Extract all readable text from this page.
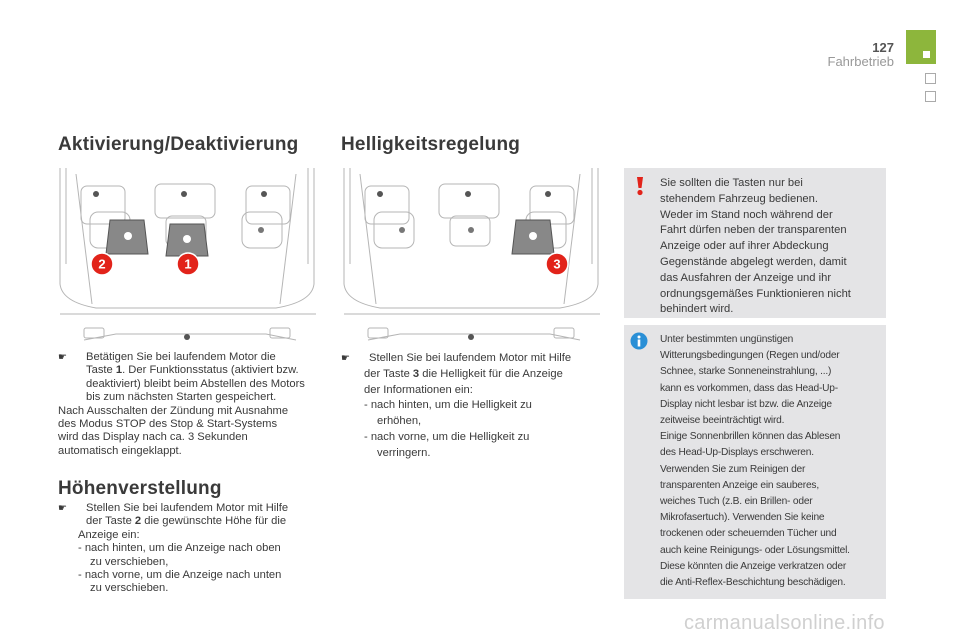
127
Fahrbetrieb
Aktivierung/Deaktivierung Helligkeitsregelung
Höhenverstellung
2	1	3

☛ Betätigen Sie bei laufendem Motor die

Taste 1. Der Funktionsstatus (aktiviert bzw.

deaktiviert) bleibt beim Abstellen des Motors

bis zum nächsten Starten gespeichert.

Nach Ausschalten der Zündung mit Ausnahme

des Modus STOP des Stop & Start-Systems

wird das Display nach ca. 3 Sekunden

automatisch eingeklappt.

☛ Stellen Sie bei laufendem Motor mit Hilfe

der Taste 2 die gewünschte Höhe für die

Anzeige ein:

- nach hinten, um die Anzeige nach oben

zu verschieben,

- nach vorne, um die Anzeige nach unten

zu verschieben.

☛ Stellen Sie bei laufendem Motor mit Hilfe

der Taste 3 die Helligkeit für die Anzeige

der Informationen ein:

- nach hinten, um die Helligkeit zu

erhöhen,

- nach vorne, um die Helligkeit zu

verringern.

Sie sollten die Tasten nur bei

stehendem Fahrzeug bedienen.

Weder im Stand noch während der

Fahrt dürfen neben der transparenten

Anzeige oder auf ihrer Abdeckung

Gegenstände abgelegt werden, damit

das Ausfahren der Anzeige und ihr

ordnungsgemäßes Funktionieren nicht

behindert wird.

Unter bestimmten ungünstigen

Witterungsbedingungen (Regen und/oder

Schnee, starke Sonneneinstrahlung, ...)

kann es vorkommen, dass das Head-Up-

Display nicht lesbar ist bzw. die Anzeige

zeitweise beeinträchtigt wird.

Einige Sonnenbrillen können das Ablesen

des Head-Up-Displays erschweren.

Verwenden Sie zum Reinigen der

transparenten Anzeige ein sauberes,

weiches Tuch (z.B. ein Brillen- oder

Mikrofasertuch). Verwenden Sie keine

trockenen oder scheuernden Tücher und

auch keine Reinigungs- oder Lösungsmittel.

Diese könnten die Anzeige verkratzen oder

die Anti-Reflex-Beschichtung beschädigen.

carmanualsonline.info
